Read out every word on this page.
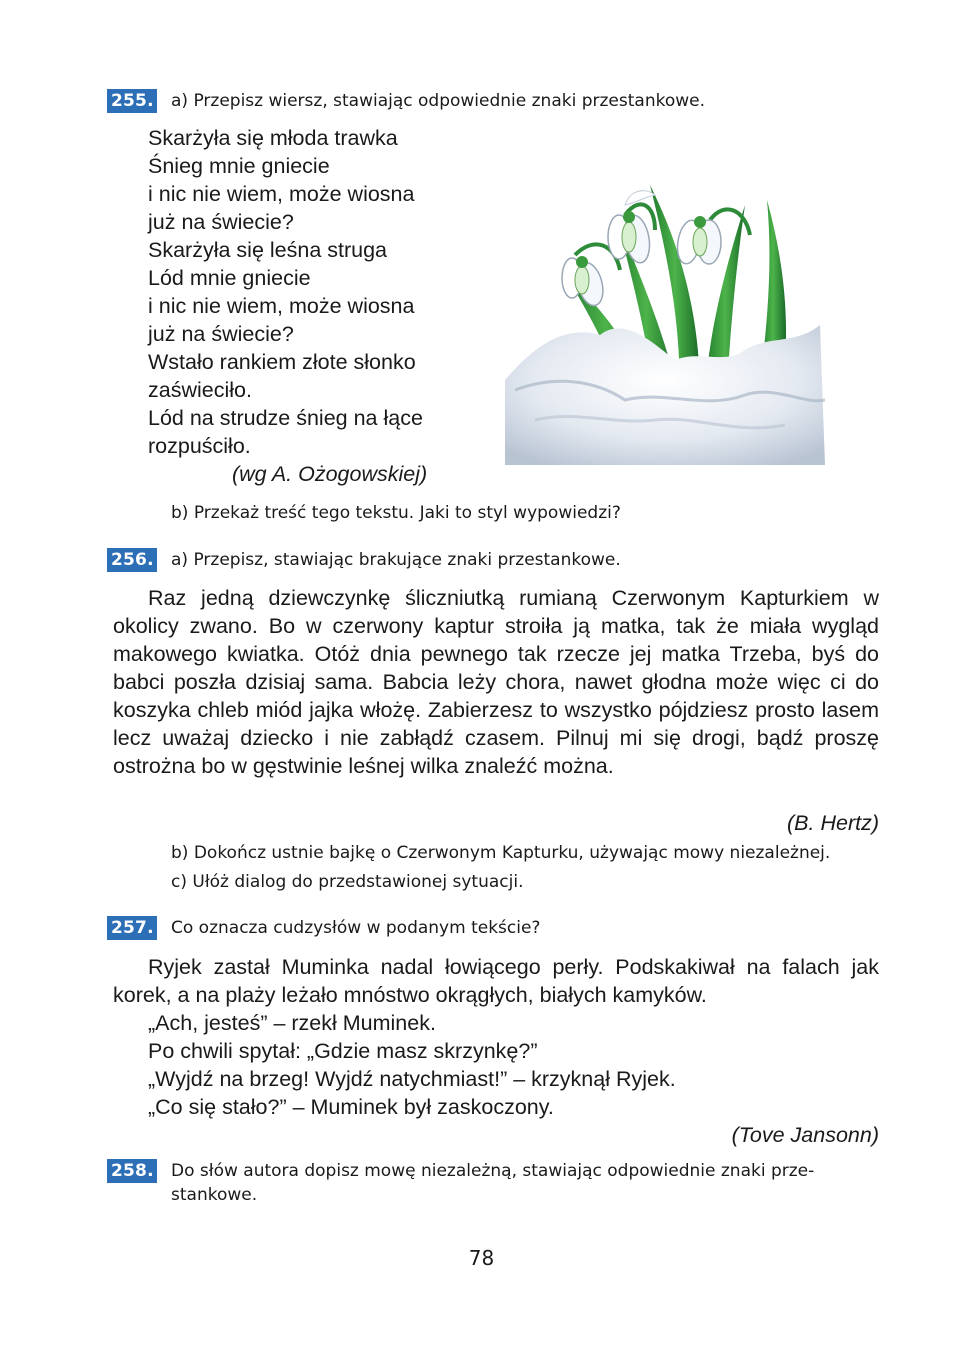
255. a) Przepisz wiersz, stawiając odpowiednie znaki przestankowe.
Skarżyła się młoda trawka
Śnieg mnie gniecie
i nic nie wiem, może wiosna
już na świecie?
Skarżyła się leśna struga
Lód mnie gniecie
i nic nie wiem, może wiosna
już na świecie?
Wstało rankiem złote słonko
zaświeciło.
Lód na strudze śnieg na łące
rozpuściło.
(wg A. Ożogowskiej)
b) Przekaż treść tego tekstu. Jaki to styl wypowiedzi?
256. a) Przepisz, stawiając brakujące znaki przestankowe.

Raz jedną dziewczynkę śliczniutką rumianą Czerwonym Kapturkiem w okolicy zwano. Bo w czerwony kaptur stroiła ją matka, tak że miała wygląd makowego kwiatka. Otóż dnia pewnego tak rzecze jej matka Trzeba, byś do babci poszła dzisiaj sama. Babcia leży chora, nawet głodna może więc ci do koszyka chleb miód jajka włożę. Zabierzesz to wszystko pójdziesz prosto lasem lecz uważaj dziecko i nie zabłądź czasem. Pilnuj mi się drogi, bądź proszę ostrożna bo w gęstwinie leśnej wilka znaleźć można.

(B. Hertz)
b) Dokończ ustnie bajkę o Czerwonym Kapturku, używając mowy niezależnej.
c) Ułóż dialog do przedstawionej sytuacji.
257. Co oznacza cudzysłów w podanym tekście?

Ryjek zastał Muminka nadal łowiącego perły. Podskakiwał na falach jak korek, a na plaży leżało mnóstwo okrągłych, białych kamyków.

„Ach, jesteś” – rzekł Muminek.
Po chwili spytał: „Gdzie masz skrzynkę?”
„Wyjdź na brzeg! Wyjdź natychmiast!” – krzyknął Ryjek.
„Co się stało?” – Muminek był zaskoczony.
(Tove Jansonn)
258. Do słów autora dopisz mowę niezależną, stawiając odpowiednie znaki prze-
stankowe.
78
